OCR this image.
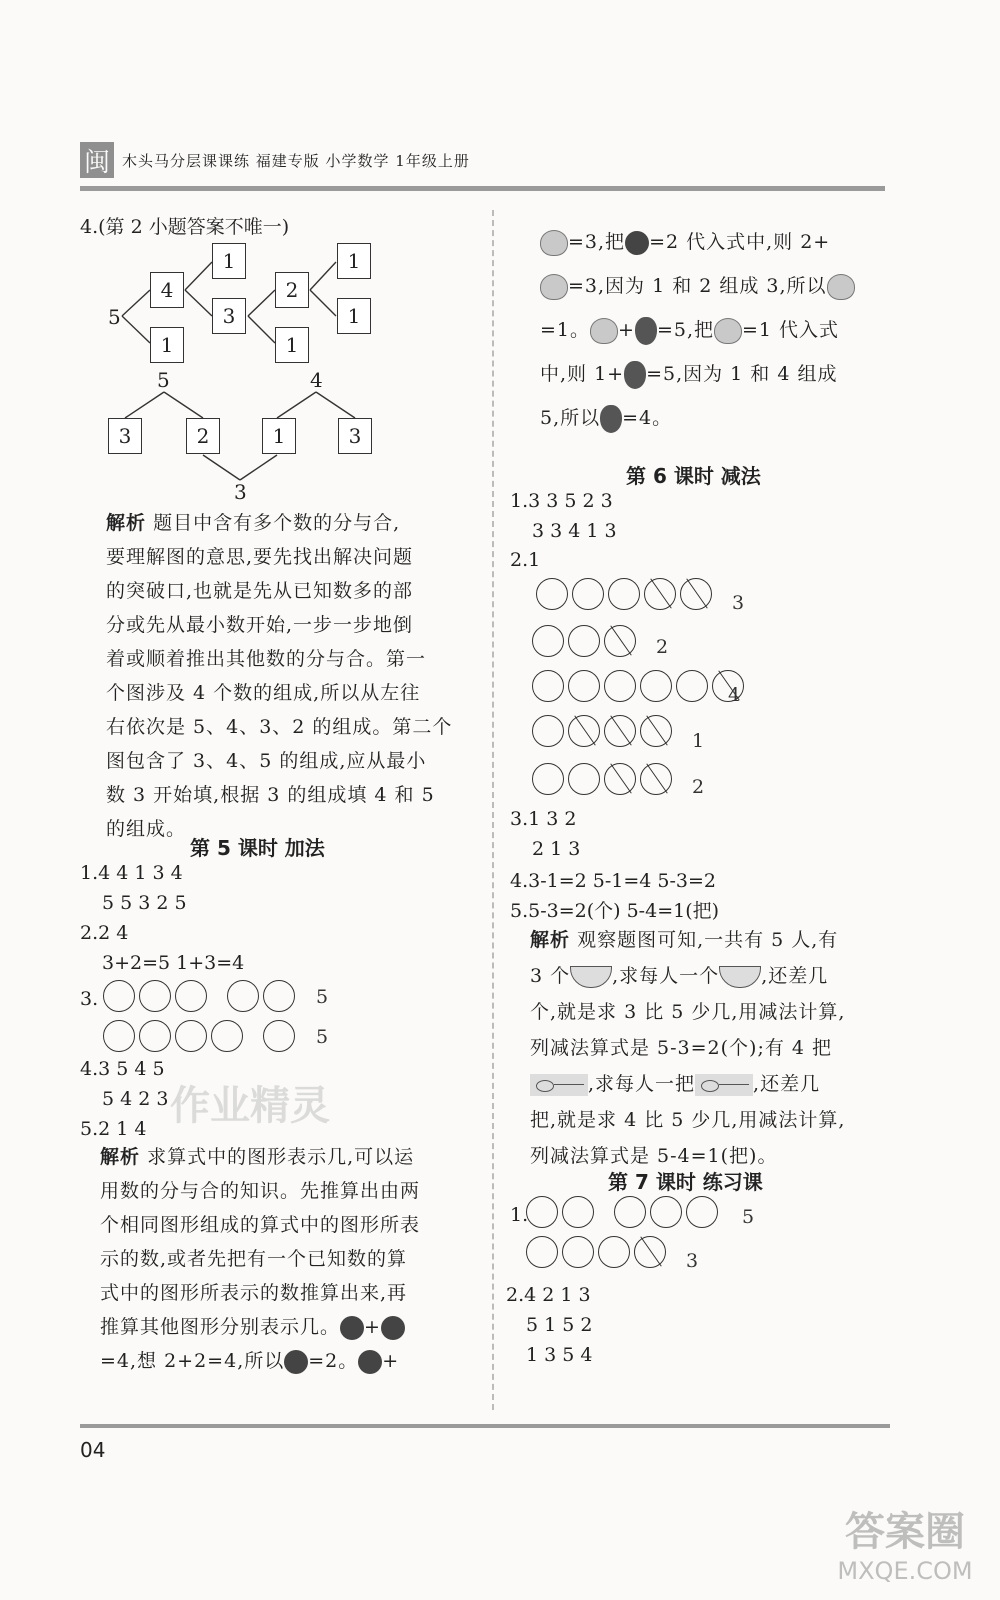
闽 木头马分层课课练 福建专版 小学数学 1年级上册
4.(第 2 小题答案不唯一)
5
4
1
1
3
2
1
1
1
5	4
3	2	1	3
3
解析 题目中含有多个数的分与合,
要理解图的意思,要先找出解决问题
的突破口,也就是先从已知数多的部
分或先从最小数开始,一步一步地倒
着或顺着推出其他数的分与合。第一
个图涉及 4 个数的组成,所以从左往
右依次是 5、4、3、2 的组成。第二个
图包含了 3、4、5 的组成,应从最小
数 3 开始填,根据 3 的组成填 4 和 5
的组成。
第 5 课时 加法
1.4 4 1 3 4
5 5 3 2 5
2.2 4
3+2=5 1+3=4
3.	5
5
4.3 5 4 5
5 4 2 3 作业精灵
5.2 1 4
解析 求算式中的图形表示几,可以运
用数的分与合的知识。先推算出由两
个相同图形组成的算式中的图形所表
示的数,或者先把有一个已知数的算
式中的图形所表示的数推算出来,再
推算其他图形分别表示几。 +
=4,想 2+2=4,所以 =2。 +
=3,把 =2 代入式中,则 2+
=3,因为 1 和 2 组成 3,所以
=1。 + =5,把 =1 代入式
中,则 1+ =5,因为 1 和 4 组成
5,所以 =4。
第 6 课时 减法
1.3 3 5 2 3
3 3 4 1 3
2.1
3
2
4
1
2
3.1 3 2
2 1 3
4.3-1=2 5-1=4 5-3=2
5.5-3=2(个) 5-4=1(把)
解析 观察题图可知,一共有 5 人,有
3 个 ,求每人一个 ,还差几
个,就是求 3 比 5 少几,用减法计算,
列减法算式是 5-3=2(个);有 4 把
,求每人一把	,还差几
把,就是求 4 比 5 少几,用减法计算,
列减法算式是 5-4=1(把)。
第 7 课时 练习课
1.	5
3
2.4 2 1 3
5 1 5 2
1 3 5 4
04
答案圈
MXQE.COM
